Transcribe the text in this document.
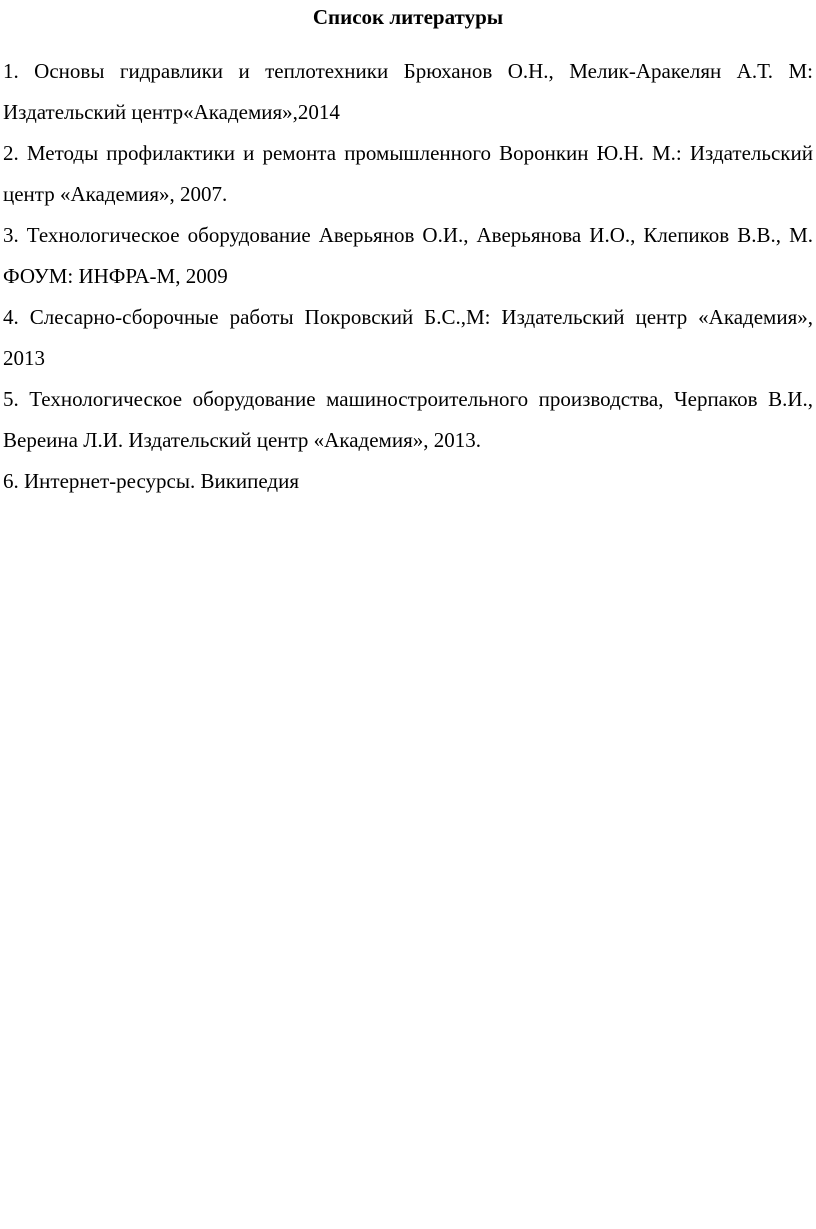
Список литературы
1. Основы гидравлики и теплотехники Брюханов О.Н., Мелик-Аракелян А.Т. М: Издательский центр«Академия»,2014
2. Методы профилактики и ремонта промышленного Воронкин Ю.Н. М.: Издательский центр «Академия», 2007.
3. Технологическое оборудование Аверьянов О.И., Аверьянова И.О., Клепиков В.В., М. ФОУМ: ИНФРА-М, 2009
4. Слесарно-сборочные работы Покровский Б.С.,М: Издательский центр «Академия», 2013
5. Технологическое оборудование машиностроительного производства, Черпаков В.И., Вереина Л.И. Издательский центр «Академия», 2013.
6. Интернет-ресурсы. Википедия
